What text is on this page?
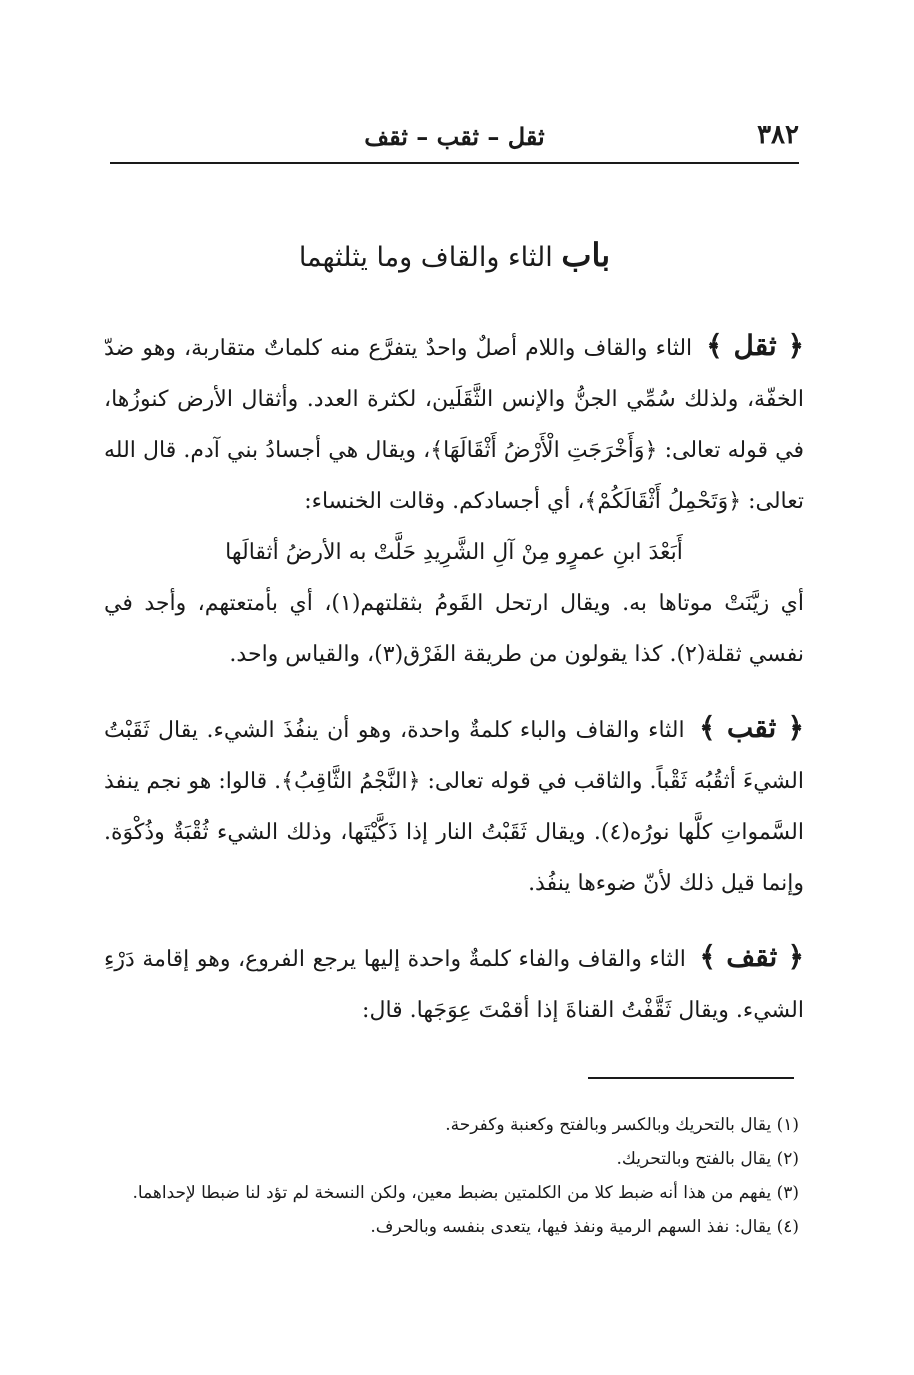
٣٨٢
ثقل – ثقب – ثقف
باب الثاء والقاف وما يثلثهما
﴿ ثقل ﴾ الثاء والقاف واللام أصلٌ واحدٌ يتفرَّع منه كلماتٌ متقاربة، وهو ضدّ الخفّة، ولذلك سُمِّي الجنُّ والإنس الثَّقَلَين، لكثرة العدد. وأثقال الأرض كنوزُها، في قوله تعالى: ﴿وَأَخْرَجَتِ الْأَرْضُ أَثْقَالَهَا﴾، ويقال هي أجسادُ بني آدم. قال الله تعالى: ﴿وَتَحْمِلُ أَثْقَالَكُمْ﴾، أي أجسادكم. وقالت الخنساء:
أَبَعْدَ ابنِ عمرٍو مِنْ آلِ الشَّرِيدِ حَلَّتْ به الأرضُ أثقالَها
أي زيَّنَتْ موتاها به. ويقال ارتحل القَومُ بثقلتهم(١)، أي بأمتعتهم، وأجد في نفسي ثقلة(٢). كذا يقولون من طريقة الفَرْق(٣)، والقياس واحد.
﴿ ثقب ﴾ الثاء والقاف والباء كلمةٌ واحدة، وهو أن ينفُذَ الشيء. يقال ثَقَبْتُ الشيءَ أثقُبُه ثَقْباً. والثاقب في قوله تعالى: ﴿النَّجْمُ الثَّاقِبُ﴾. قالوا: هو نجم ينفذ السَّمواتِ كلَّها نورُه(٤). ويقال ثَقَبْتُ النار إذا ذَكَّيْتَها، وذلك الشيء ثُقْبَةٌ وذُكْوَة. وإنما قيل ذلك لأنّ ضوءها ينفُذ.
﴿ ثقف ﴾ الثاء والقاف والفاء كلمةٌ واحدة إليها يرجع الفروع، وهو إقامة دَرْءِ الشيء. ويقال ثَقَّفْتُ القناةَ إذا أقمْتَ عِوَجَها. قال:

(١) يقال بالتحريك وبالكسر وبالفتح وكعنبة وكفرحة.

(٢) يقال بالفتح وبالتحريك.

(٣) يفهم من هذا أنه ضبط كلا من الكلمتين بضبط معين، ولكن النسخة لم تؤد لنا ضبطا لإحداهما.

(٤) يقال: نفذ السهم الرمية ونفذ فيها، يتعدى بنفسه وبالحرف.
